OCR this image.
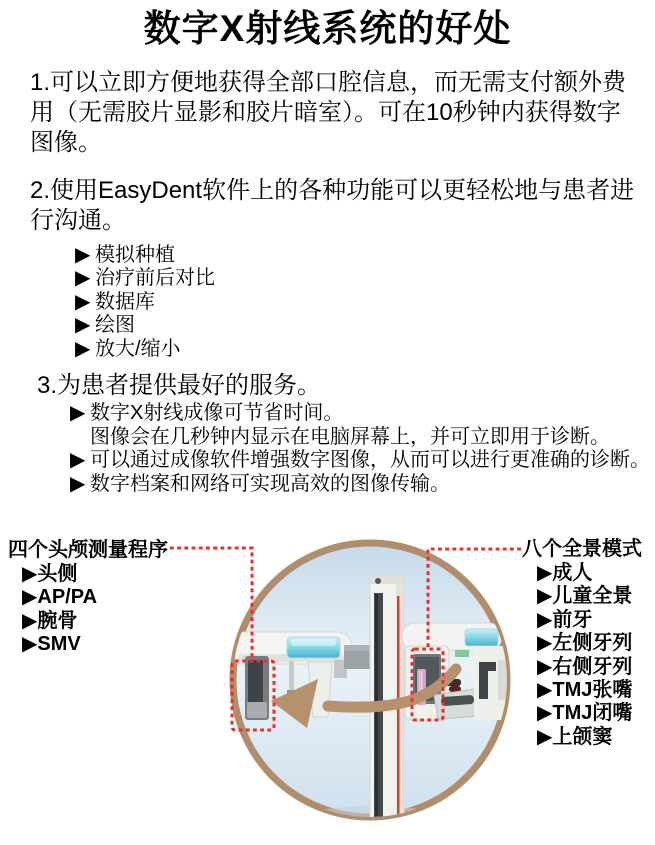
数字X射线系统的好处
1.可以立即方便地获得全部口腔信息，而无需支付额外费
用（无需胶片显影和胶片暗室）。可在10秒钟内获得数字
图像。
2.使用EasyDent软件上的各种功能可以更轻松地与患者进
行沟通。
▶ 模拟种植
▶ 治疗前后对比
▶ 数据库
▶ 绘图
▶ 放大/缩小
3.为患者提供最好的服务。
▶ 数字X射线成像可节省时间。
图像会在几秒钟内显示在电脑屏幕上，并可立即用于诊断。
▶ 可以通过成像软件增强数字图像，从而可以进行更准确的诊断。
▶ 数字档案和网络可实现高效的图像传输。
四个头颅测量程序
▶头侧
▶AP/PA
▶腕骨
▶SMV
八个全景模式
▶成人
▶儿童全景
▶前牙
▶左侧牙列
▶右侧牙列
▶TMJ张嘴
▶TMJ闭嘴
▶上颌窦
